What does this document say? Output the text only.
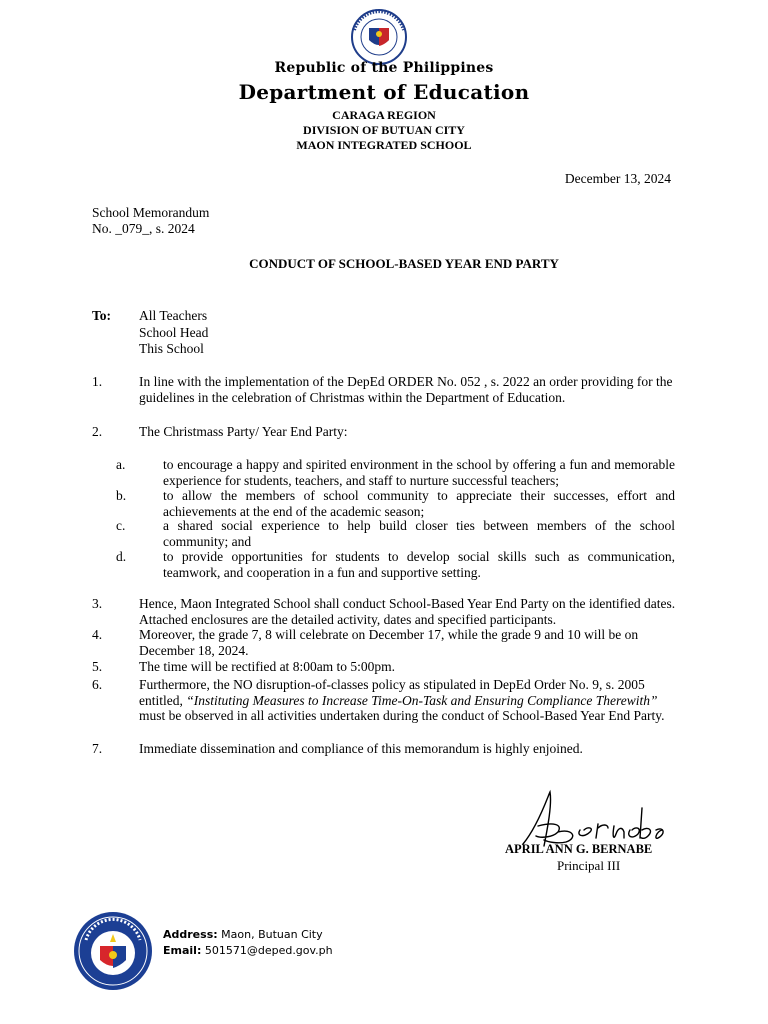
Republic of the Philippines
Department of Education
CARAGA REGION
DIVISION OF BUTUAN CITY
MAON INTEGRATED SCHOOL
December 13, 2024
School Memorandum
No. _079_, s. 2024
CONDUCT OF SCHOOL-BASED YEAR END PARTY
To: All Teachers
School Head
This School
1.	In line with the implementation of the DepEd ORDER No. 052 , s. 2022 an order providing for the guidelines in the celebration of Christmas within the Department of Education.
2.	The Christmass Party/ Year End Party:
a.	to encourage a happy and spirited environment in the school by offering a fun and memorable experience for students, teachers, and staff to nurture successful teachers;
b.	to allow the members of school community to appreciate their successes, effort and achievements at the end of the academic season;
c.	a shared social experience to help build closer ties between members of the school community; and
d.	to provide opportunities for students to develop social skills such as communication, teamwork, and cooperation in a fun and supportive setting.
3.	Hence, Maon Integrated School shall conduct School-Based Year End Party on the identified dates. Attached enclosures are the detailed activity, dates and specified participants.
4.	Moreover, the grade 7, 8 will celebrate on December 17, while the grade 9 and 10 will be on December 18, 2024.
5.	The time will be rectified at 8:00am to 5:00pm.
6.	Furthermore, the NO disruption-of-classes policy as stipulated in DepEd Order No. 9, s. 2005 entitled, “Instituting Measures to Increase Time-On-Task and Ensuring Compliance Therewith” must be observed in all activities undertaken during the conduct of School-Based Year End Party.
7.	Immediate dissemination and compliance of this memorandum is highly enjoined.
APRIL ANN G. BERNABE
Principal III
Address: Maon, Butuan City
Email: 501571@deped.gov.ph
